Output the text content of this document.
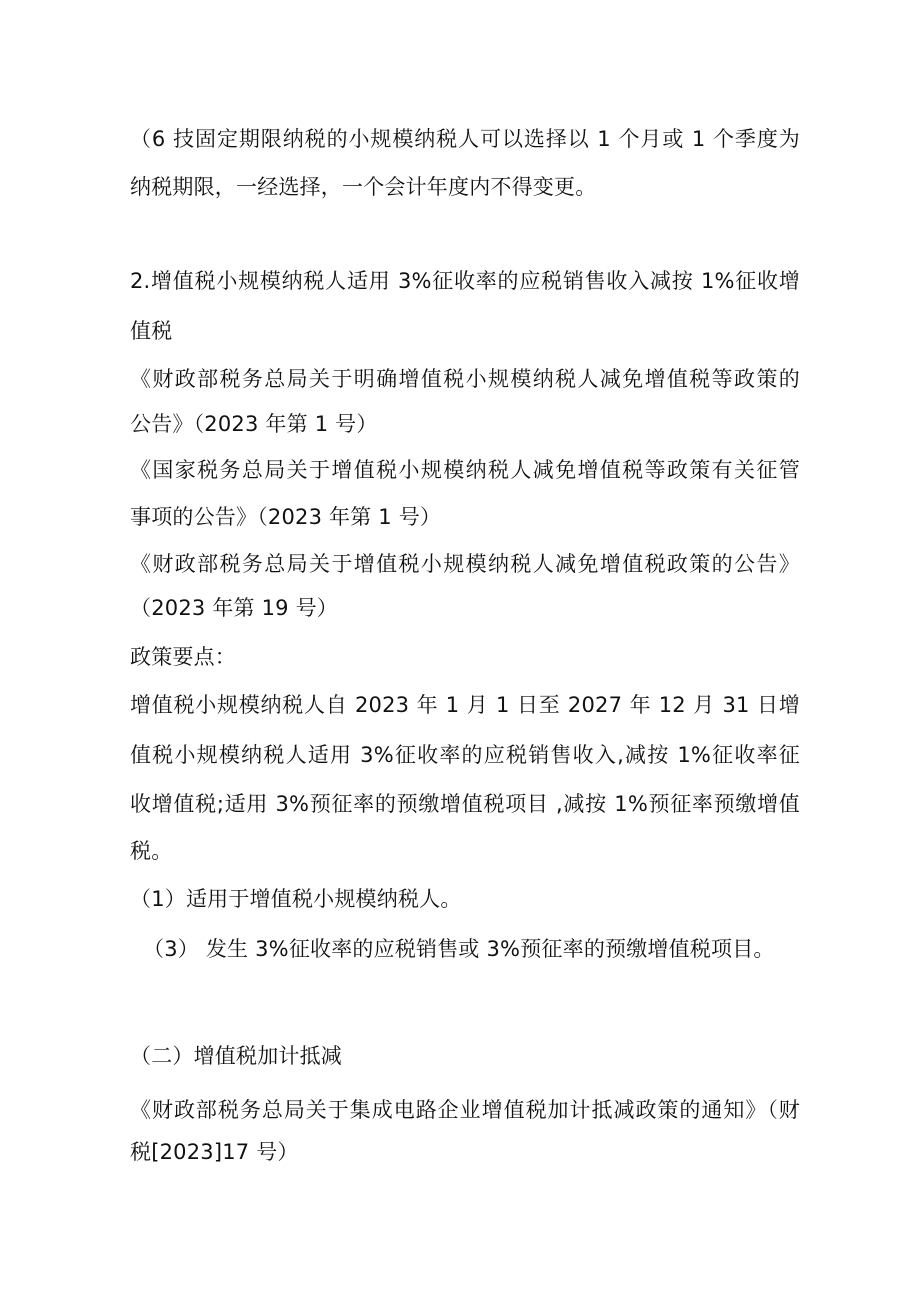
（6 技固定期限纳税的小规模纳税人可以选择以 1 个月或 1 个季度为
纳税期限，一经选择，一个会计年度内不得变更。
2.增值税小规模纳税人适用 3%征收率的应税销售收入减按 1%征收增
值税
《财政部税务总局关于明确增值税小规模纳税人减免增值税等政策的
公告》（2023 年第 1 号）
《国家税务总局关于增值税小规模纳税人减免增值税等政策有关征管
事项的公告》（2023 年第 1 号）
《财政部税务总局关于增值税小规模纳税人减免增值税政策的公告》
（2023 年第 19 号）
政策要点：
增值税小规模纳税人自 2023 年 1 月 1 日至 2027 年 12 月 31 日增
值税小规模纳税人适用 3%征收率的应税销售收入,减按 1%征收率征
收增值税;适用 3%预征率的预缴增值税项目 ,减按 1%预征率预缴增值
税。
（1）适用于增值税小规模纳税人。
（3） 发生 3%征收率的应税销售或 3%预征率的预缴增值税项目。
（二）增值税加计抵减
《财政部税务总局关于集成电路企业增值税加计抵减政策的通知》（财
税[2023]17 号）
